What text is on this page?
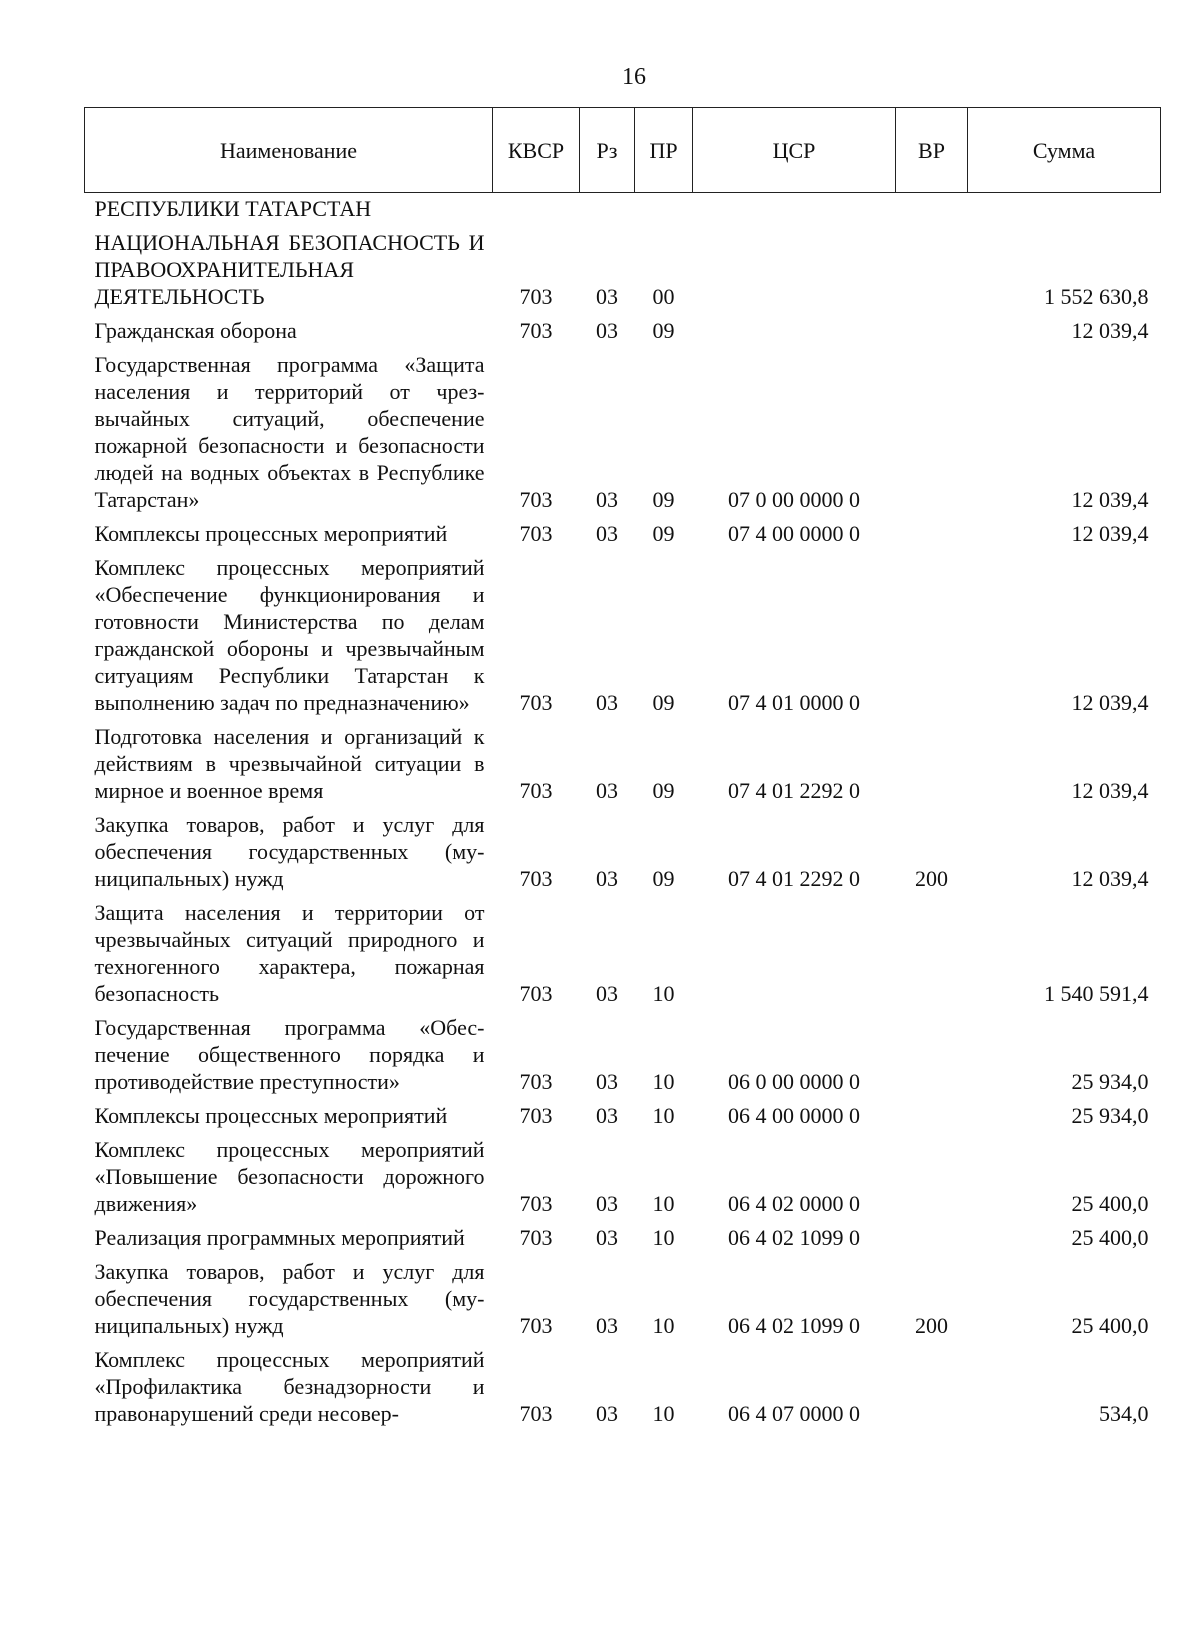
16
Наименование	КВСР	Рз	ПР	ЦСР	ВР	Сумма
РЕСПУБЛИКИ ТАТАРСТАН						
НАЦИОНАЛЬНАЯ БЕЗОПАСНОСТЬ И ПРАВООХРАНИТЕЛЬНАЯ ДЕЯТЕЛЬНОСТЬ	703	03	00			1 552 630,8
Гражданская оборона	703	03	09			12 039,4
Государственная программа «Защита населения и территорий от чрезвычайных ситуаций, обеспечение пожарной безопасности и безопасности людей на водных объектах в Республике Татарстан»	703	03	09	07 0 00 0000 0		12 039,4
Комплексы процессных мероприятий	703	03	09	07 4 00 0000 0		12 039,4
Комплекс процессных мероприятий «Обеспечение функционирования и готовности Министерства по делам гражданской обороны и чрезвычайным ситуациям Республики Татарстан к выполнению задач по предназначению»	703	03	09	07 4 01 0000 0		12 039,4
Подготовка населения и организаций к действиям в чрезвычайной ситуации в мирное и военное время	703	03	09	07 4 01 2292 0		12 039,4
Закупка товаров, работ и услуг для обеспечения государственных (муниципальных) нужд	703	03	09	07 4 01 2292 0	200	12 039,4
Защита населения и территории от чрезвычайных ситуаций природного и техногенного характера, пожарная безопасность	703	03	10			1 540 591,4
Государственная программа «Обеспечение общественного порядка и противодействие преступности»	703	03	10	06 0 00 0000 0		25 934,0
Комплексы процессных мероприятий	703	03	10	06 4 00 0000 0		25 934,0
Комплекс процессных мероприятий «Повышение безопасности дорожного движения»	703	03	10	06 4 02 0000 0		25 400,0
Реализация программных мероприятий	703	03	10	06 4 02 1099 0		25 400,0
Закупка товаров, работ и услуг для обеспечения государственных (муниципальных) нужд	703	03	10	06 4 02 1099 0	200	25 400,0
Комплекс процессных мероприятий «Профилактика безнадзорности и правонарушений среди несовер-	703	03	10	06 4 07 0000 0		534,0
